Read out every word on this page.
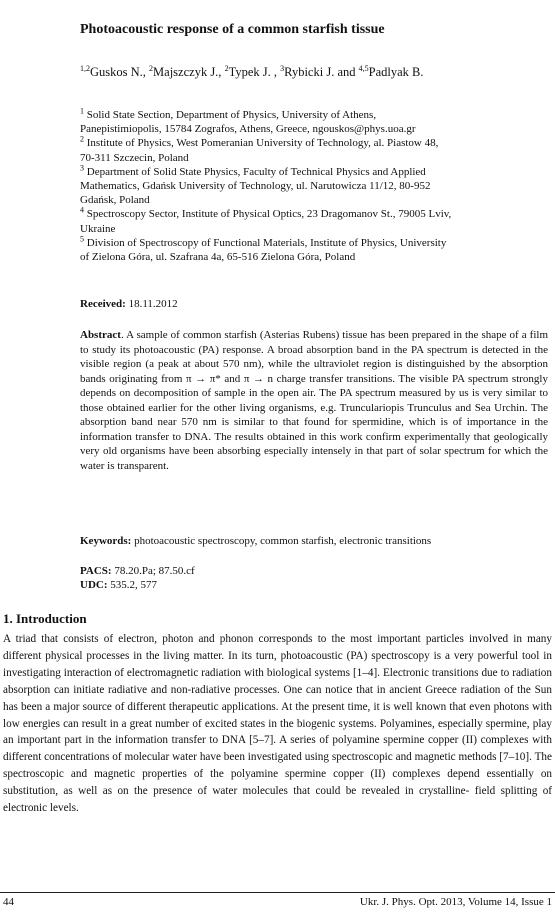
Photoacoustic response of a common starfish tissue
$^{1,2}$Guskos N., $^2$Majszczyk J., $^2$Typek J. , $^3$Rybicki J. and $^{4,5}$Padlyak B.
$^1$ Solid State Section, Department of Physics, University of Athens,
Panepistimiopolis, 15784 Zografos, Athens, Greece, ngouskos@phys.uoa.gr
$^2$ Institute of Physics, West Pomeranian University of Technology, al. Piastow 48,
70-311 Szczecin, Poland
$^3$ Department of Solid State Physics, Faculty of Technical Physics and Applied
Mathematics, Gdańsk University of Technology, ul. Narutowicza 11/12, 80-952
Gdańsk, Poland
$^4$ Spectroscopy Sector, Institute of Physical Optics, 23 Dragomanov St., 79005 Lviv,
Ukraine
$^5$ Division of Spectroscopy of Functional Materials, Institute of Physics, University
of Zielona Góra, ul. Szafrana 4a, 65-516 Zielona Góra, Poland
Received: 18.11.2012
Abstract. A sample of common starfish (Asterias Rubens) tissue has been prepared in the shape of a film to study its photoacoustic (PA) response. A broad absorption band in the PA spectrum is detected in the visible region (a peak at about 570 nm), while the ultraviolet region is distinguished by the absorption bands originating from π → π* and π → n charge transfer transitions. The visible PA spectrum strongly depends on decomposition of sample in the open air. The PA spectrum measured by us is very similar to those obtained earlier for the other living organisms, e.g. Trunculariopis Trunculus and Sea Urchin. The absorption band near 570 nm is similar to that found for spermidine, which is of importance in the information transfer to DNA. The results obtained in this work confirm experimentally that geologically very old organisms have been absorbing especially intensely in that part of solar spectrum for which the water is transparent.
Keywords: photoacoustic spectroscopy, common starfish, electronic transitions
PACS: 78.20.Pa; 87.50.cf
UDC: 535.2, 577
1. Introduction
A triad that consists of electron, photon and phonon corresponds to the most important particles involved in many different physical processes in the living matter. In its turn, photoacoustic (PA) spectroscopy is a very powerful tool in investigating interaction of electromagnetic radiation with biological systems [1–4]. Electronic transitions due to radiation absorption can initiate radiative and non-radiative processes. One can notice that in ancient Greece radiation of the Sun has been a major source of different therapeutic applications. At the present time, it is well known that even photons with low energies can result in a great number of excited states in the biogenic systems. Polyamines, especially spermine, play an important part in the information transfer to DNA [5–7]. A series of polyamine spermine copper (II) complexes with different concentrations of molecular water have been investigated using spectroscopic and magnetic methods [7–10]. The spectroscopic and magnetic properties of the polyamine spermine copper (II) complexes depend essentially on substitution, as well as on the presence of water molecules that could be revealed in crystalline- field splitting of electronic levels.
44	Ukr. J. Phys. Opt. 2013, Volume 14, Issue 1
